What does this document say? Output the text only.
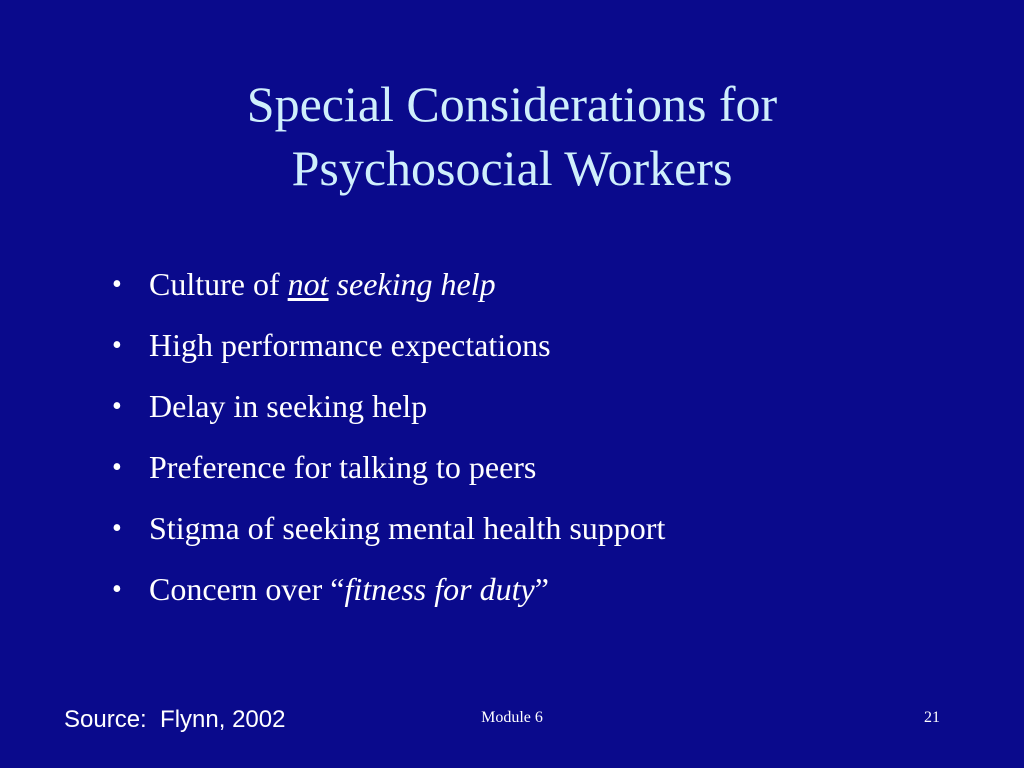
Special Considerations for
Psychosocial Workers
• Culture of not seeking help
• High performance expectations
• Delay in seeking help
• Preference for talking to peers
• Stigma of seeking mental health support
• Concern over “fitness for duty”
Source:  Flynn, 2002	Module 6	21
